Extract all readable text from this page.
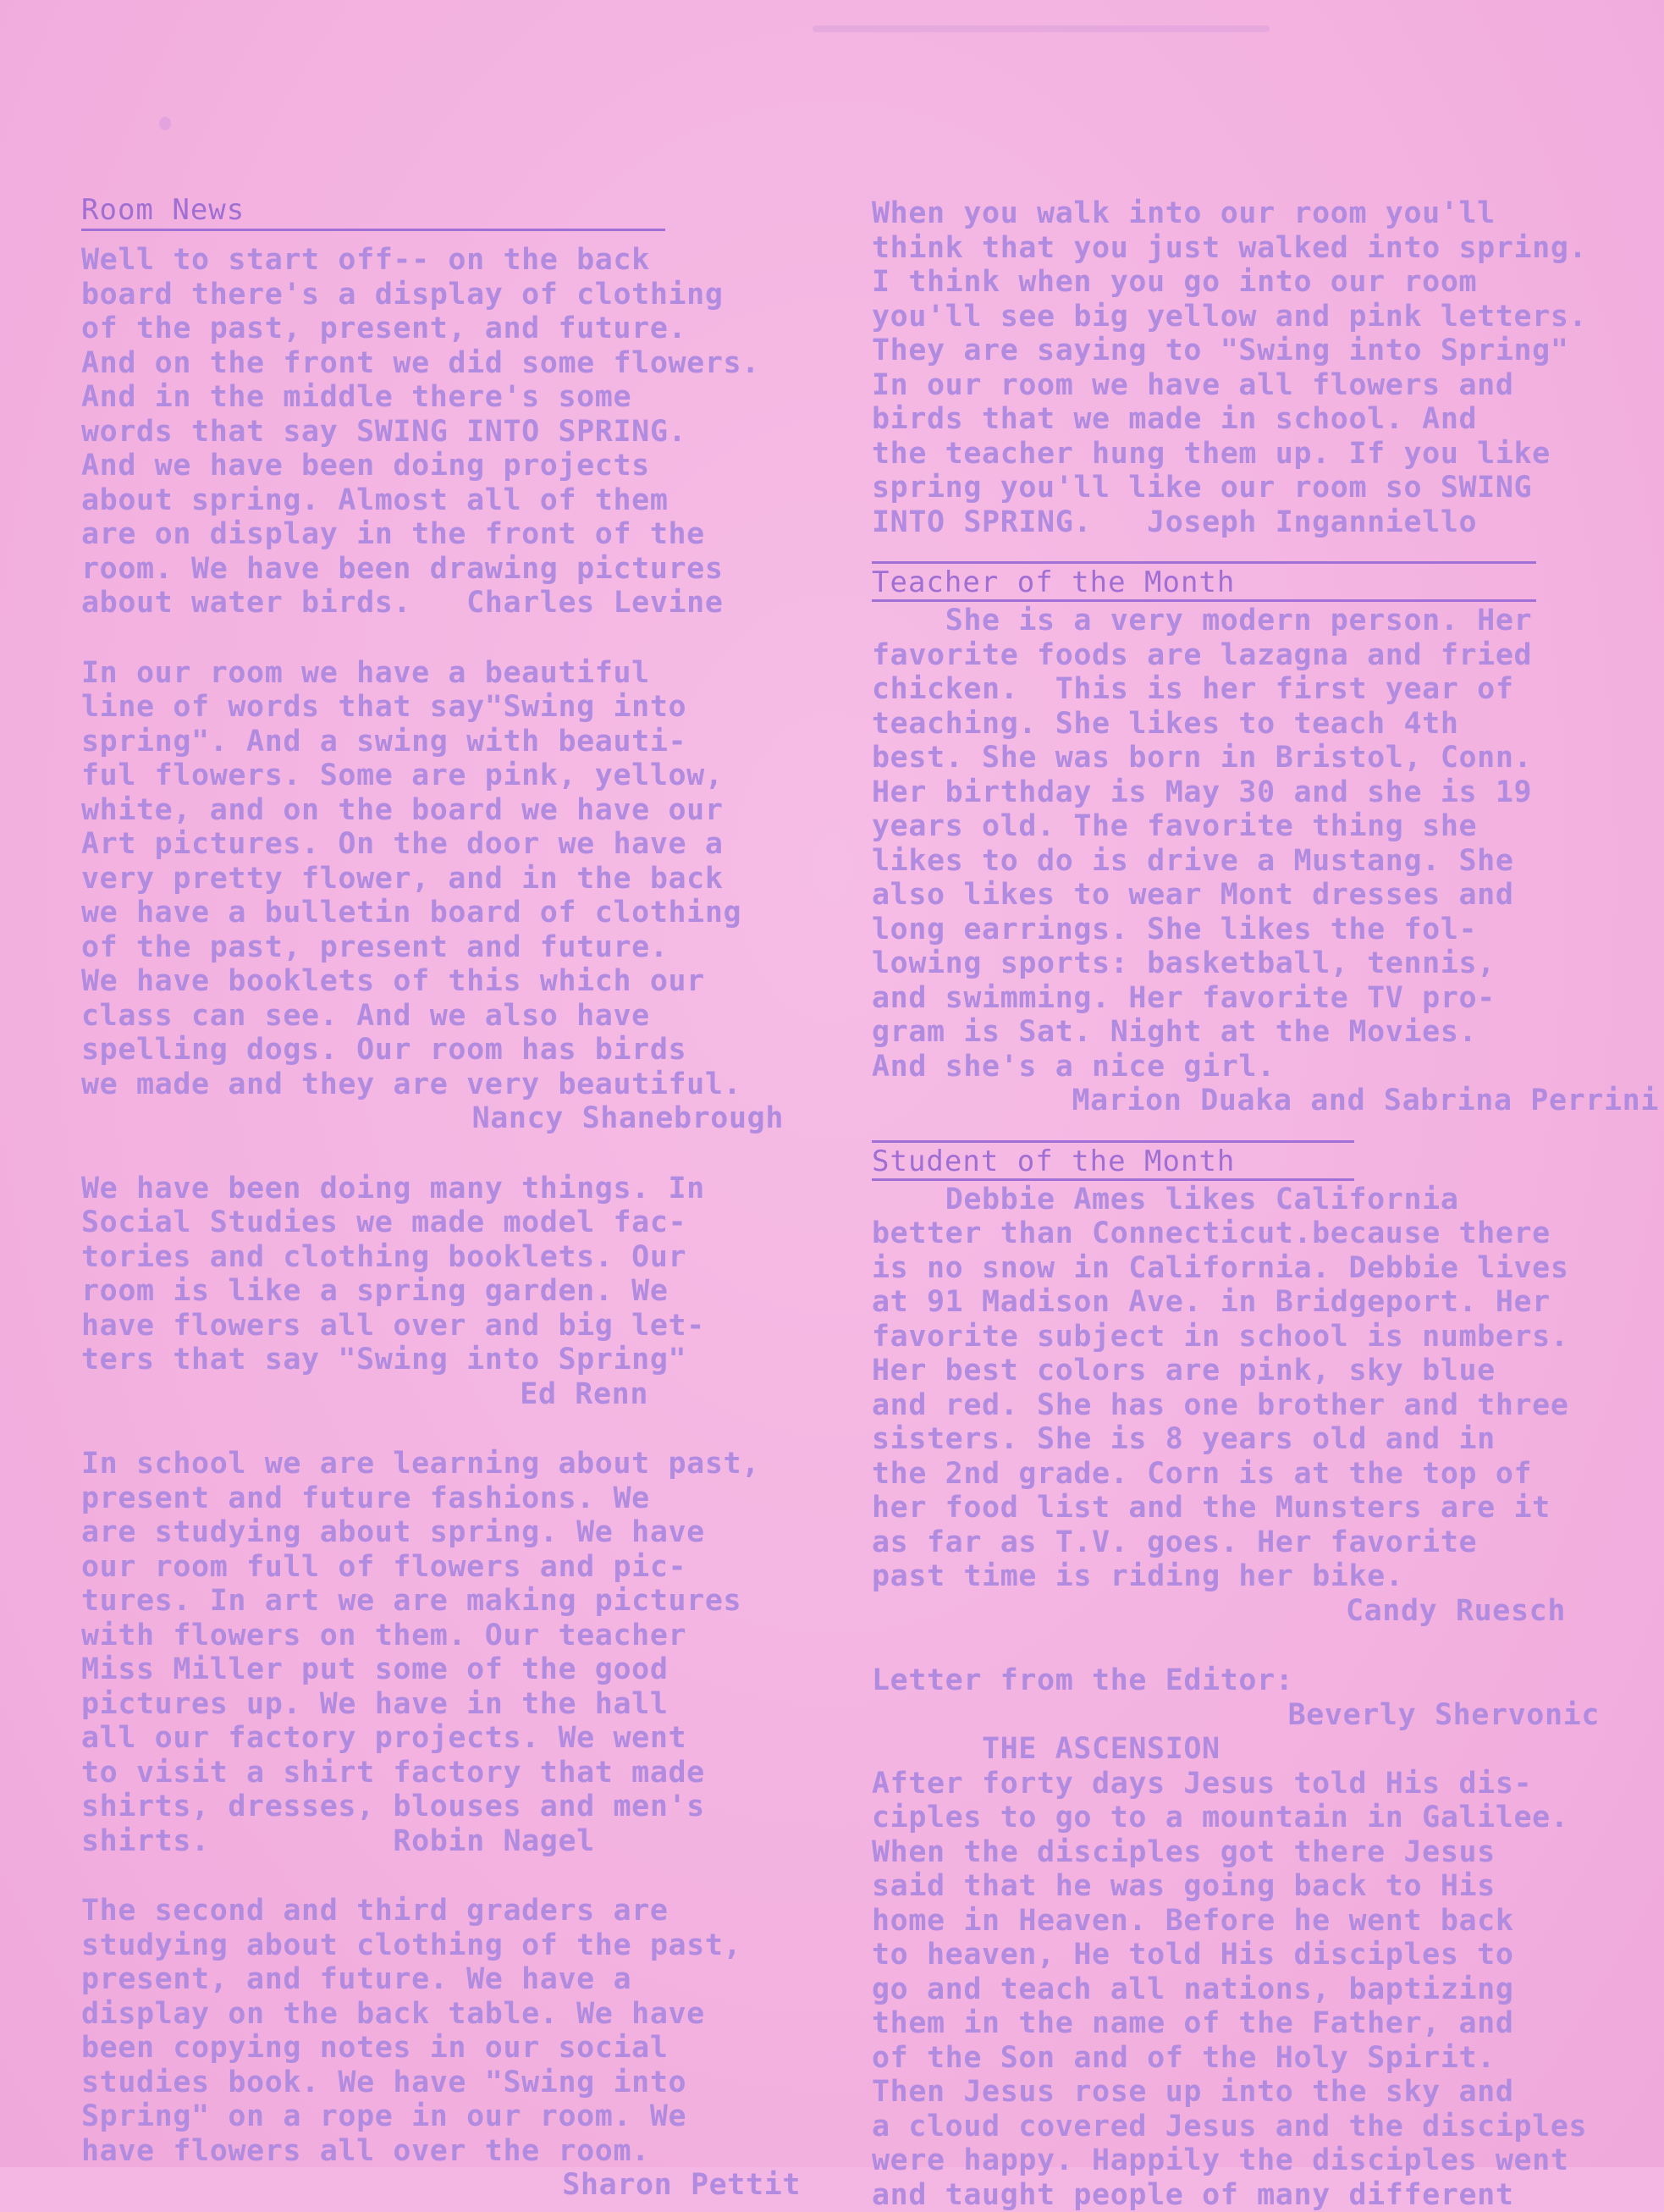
Room News

Well to start off-- on the back
board there's a display of clothing
of the past, present, and future.
And on the front we did some flowers.
And in the middle there's some
words that say SWING INTO SPRING.
And we have been doing projects
about spring. Almost all of them
are on display in the front of the
room. We have been drawing pictures
about water birds.   Charles Levine

In our room we have a beautiful
line of words that say"Swing into
spring". And a swing with beauti-
ful flowers. Some are pink, yellow,
white, and on the board we have our
Art pictures. On the door we have a
very pretty flower, and in the back
we have a bulletin board of clothing
of the past, present and future.
We have booklets of this which our
class can see. And we also have
spelling dogs. Our room has birds
we made and they are very beautiful.

Nancy Shanebrough

We have been doing many things. In
Social Studies we made model fac-
tories and clothing booklets. Our
room is like a spring garden. We
have flowers all over and big let-
ters that say "Swing into Spring"

Ed Renn

In school we are learning about past,
present and future fashions. We
are studying about spring. We have
our room full of flowers and pic-
tures. In art we are making pictures
with flowers on them. Our teacher
Miss Miller put some of the good
pictures up. We have in the hall
all our factory projects. We went
to visit a shirt factory that made
shirts, dresses, blouses and men's
shirts.          Robin Nagel

The second and third graders are
studying about clothing of the past,
present, and future. We have a
display on the back table. We have
been copying notes in our social
studies book. We have "Swing into
Spring" on a rope in our room. We
have flowers all over the room.

Sharon Pettit

When you walk into our room you'll
think that you just walked into spring.
I think when you go into our room
you'll see big yellow and pink letters.
They are saying to "Swing into Spring"
In our room we have all flowers and
birds that we made in school. And
the teacher hung them up. If you like
spring you'll like our room so SWING
INTO SPRING.   Joseph Inganniello

Teacher of the Month

She is a very modern person. Her
favorite foods are lazagna and fried
chicken.  This is her first year of
teaching. She likes to teach 4th
best. She was born in Bristol, Conn.
Her birthday is May 30 and she is 19
years old. The favorite thing she
likes to do is drive a Mustang. She
also likes to wear Mont dresses and
long earrings. She likes the fol-
lowing sports: basketball, tennis,
and swimming. Her favorite TV pro-
gram is Sat. Night at the Movies.
And she's a nice girl.

Marion Duaka and Sabrina Perrini

Student of the Month

Debbie Ames likes California
better than Connecticut.because there
is no snow in California. Debbie lives
at 91 Madison Ave. in Bridgeport. Her
favorite subject in school is numbers.
Her best colors are pink, sky blue
and red. She has one brother and three
sisters. She is 8 years old and in
the 2nd grade. Corn is at the top of
her food list and the Munsters are it
as far as T.V. goes. Her favorite
past time is riding her bike.

Candy Ruesch

Letter from the Editor:

Beverly Shervonic

THE ASCENSION

After forty days Jesus told His dis-
ciples to go to a mountain in Galilee.
When the disciples got there Jesus
said that he was going back to His
home in Heaven. Before he went back
to heaven, He told His disciples to
go and teach all nations, baptizing
them in the name of the Father, and
of the Son and of the Holy Spirit.
Then Jesus rose up into the sky and
a cloud covered Jesus and the disciples
were happy. Happily the disciples went
and taught people of many different
